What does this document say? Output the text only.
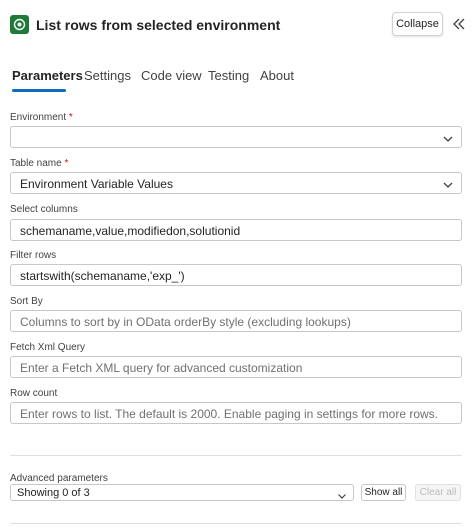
List rows from selected environment	Collapse
Parameters Settings Code view Testing About
Environment *
Table name *
Environment Variable Values
Select columns
schemaname,value,modifiedon,solutionid
Filter rows
startswith(schemaname,'exp_')
Sort By
Columns to sort by in OData orderBy style (excluding lookups)
Fetch Xml Query
Enter a Fetch XML query for advanced customization
Row count
Enter rows to list. The default is 2000. Enable paging in settings for more rows.
Advanced parameters
Showing 0 of 3	Show all	Clear all
